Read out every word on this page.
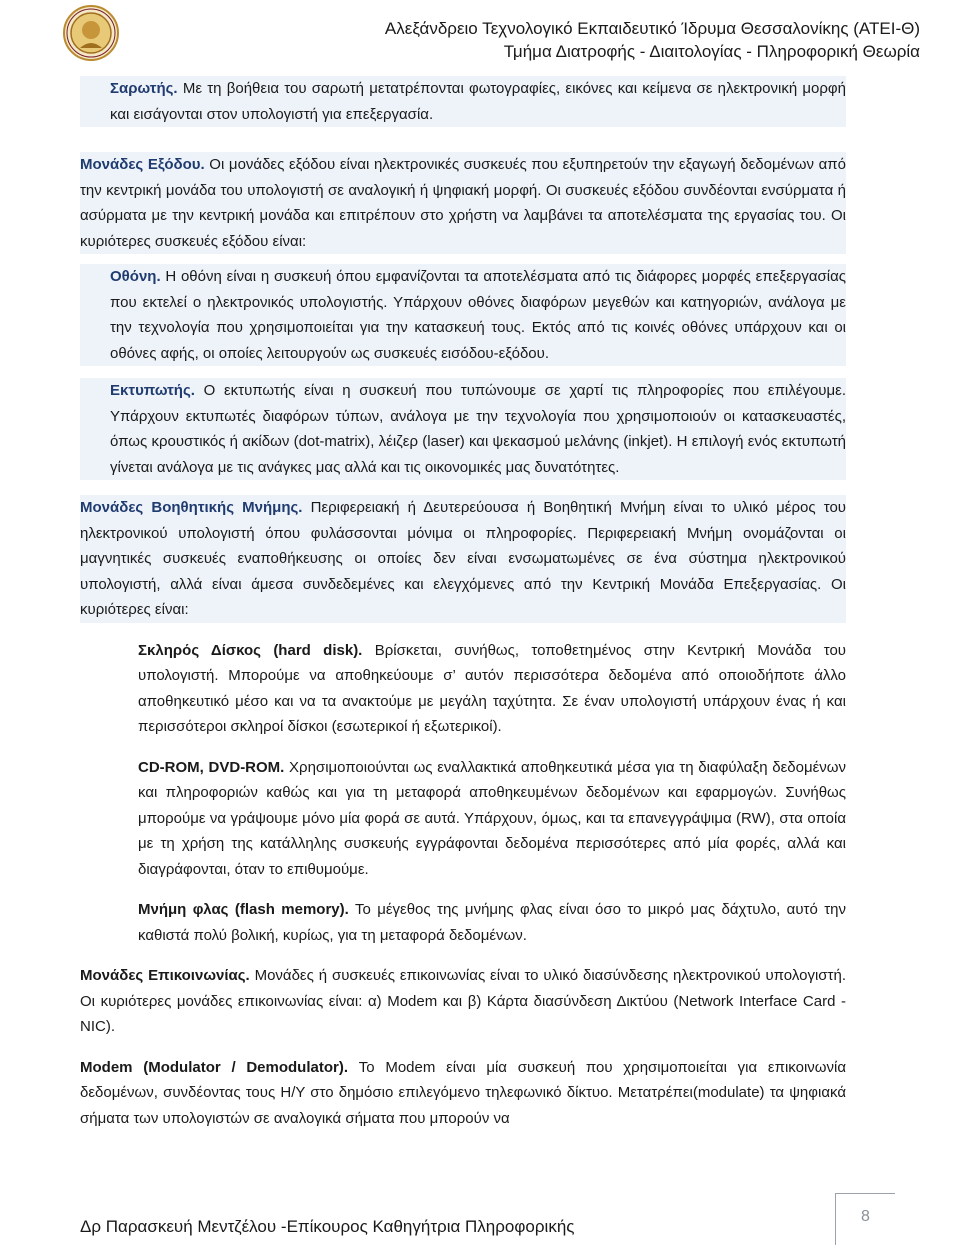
Αλεξάνδρειο Τεχνολογικό Εκπαιδευτικό Ίδρυμα Θεσσαλονίκης (ΑΤΕΙ-Θ)
Τμήμα Διατροφής - Διαιτολογίας - Πληροφορική Θεωρία

Σαρωτής. Με τη βοήθεια του σαρωτή μετατρέπονται φωτογραφίες, εικόνες και κείμενα σε ηλεκτρονική μορφή και εισάγονται στον υπολογιστή για επεξεργασία.

Μονάδες Εξόδου. Οι μονάδες εξόδου είναι ηλεκτρονικές συσκευές που εξυπηρετούν την εξαγωγή δεδομένων από την κεντρική μονάδα του υπολογιστή σε αναλογική ή ψηφιακή μορφή. Οι συσκευές εξόδου συνδέονται ενσύρματα ή ασύρματα με την κεντρική μονάδα και επιτρέπουν στο χρήστη να λαμβάνει τα αποτελέσματα της εργασίας του. Οι κυριότερες συσκευές εξόδου είναι:

Οθόνη. Η οθόνη είναι η συσκευή όπου εμφανίζονται τα αποτελέσματα από τις διάφορες μορφές επεξεργασίας που εκτελεί ο ηλεκτρονικός υπολογιστής. Υπάρχουν οθόνες διαφόρων μεγεθών και κατηγοριών, ανάλογα με την τεχνολογία που χρησιμοποιείται για την κατασκευή τους. Εκτός από τις κοινές οθόνες υπάρχουν και οι οθόνες αφής, οι οποίες λειτουργούν ως συσκευές εισόδου-εξόδου.

Εκτυπωτής. Ο εκτυπωτής είναι η συσκευή που τυπώνουμε σε χαρτί τις πληροφορίες που επιλέγουμε. Υπάρχουν εκτυπωτές διαφόρων τύπων, ανάλογα με την τεχνολογία που χρησιμοποιούν οι κατασκευαστές, όπως κρουστικός ή ακίδων (dot-matrix), λέιζερ (laser) και ψεκασμού μελάνης (inkjet). Η επιλογή ενός εκτυπωτή γίνεται ανάλογα με τις ανάγκες μας αλλά και τις οικονομικές μας δυνατότητες.

Μονάδες Βοηθητικής Μνήμης. Περιφερειακή ή Δευτερεύουσα ή Βοηθητική Μνήμη είναι το υλικό μέρος του ηλεκτρονικού υπολογιστή όπου φυλάσσονται μόνιμα οι πληροφορίες. Περιφερειακή Μνήμη ονομάζονται οι μαγνητικές συσκευές εναποθήκευσης οι οποίες δεν είναι ενσωματωμένες σε ένα σύστημα ηλεκτρονικού υπολογιστή, αλλά είναι άμεσα συνδεδεμένες και ελεγχόμενες από την Κεντρική Μονάδα Επεξεργασίας. Οι κυριότερες είναι:

Σκληρός Δίσκος (hard disk). Βρίσκεται, συνήθως, τοποθετημένος στην Κεντρική Μονάδα του υπολογιστή. Μπορούμε να αποθηκεύουμε σ’ αυτόν περισσότερα δεδομένα από οποιοδήποτε άλλο αποθηκευτικό μέσο και να τα ανακτούμε με μεγάλη ταχύτητα. Σε έναν υπολογιστή υπάρχουν ένας ή και περισσότεροι σκληροί δίσκοι (εσωτερικοί ή εξωτερικοί).

CD-ROM, DVD-ROM. Χρησιμοποιούνται ως εναλλακτικά αποθηκευτικά μέσα για τη διαφύλαξη δεδομένων και πληροφοριών καθώς και για τη μεταφορά αποθηκευμένων δεδομένων και εφαρμογών. Συνήθως μπορούμε να γράψουμε μόνο μία φορά σε αυτά. Υπάρχουν, όμως, και τα επανεγγράψιμα (RW), στα οποία με τη χρήση της κατάλληλης συσκευής εγγράφονται δεδομένα περισσότερες από μία φορές, αλλά και διαγράφονται, όταν το επιθυμούμε.

Μνήμη φλας (flash memory). Το μέγεθος της μνήμης φλας είναι όσο το μικρό μας δάχτυλο, αυτό την καθιστά πολύ βολική, κυρίως, για τη μεταφορά δεδομένων.

Μονάδες Επικοινωνίας. Μονάδες ή συσκευές επικοινωνίας είναι το υλικό διασύνδεσης ηλεκτρονικού υπολογιστή. Οι κυριότερες μονάδες επικοινωνίας είναι: α) Modem και β) Κάρτα διασύνδεση Δικτύου (Network Interface Card -NIC).

Modem (Modulator / Demodulator). Το Modem είναι μία συσκευή που χρησιμοποιείται για επικοινωνία δεδομένων, συνδέοντας τους Η/Υ στο δημόσιο επιλεγόμενο τηλεφωνικό δίκτυο. Μετατρέπει(modulate) τα ψηφιακά σήματα των υπολογιστών σε αναλογικά σήματα που μπορούν να

Δρ Παρασκευή Μεντζέλου -Επίκουρος Καθηγήτρια Πληροφορικής
8
